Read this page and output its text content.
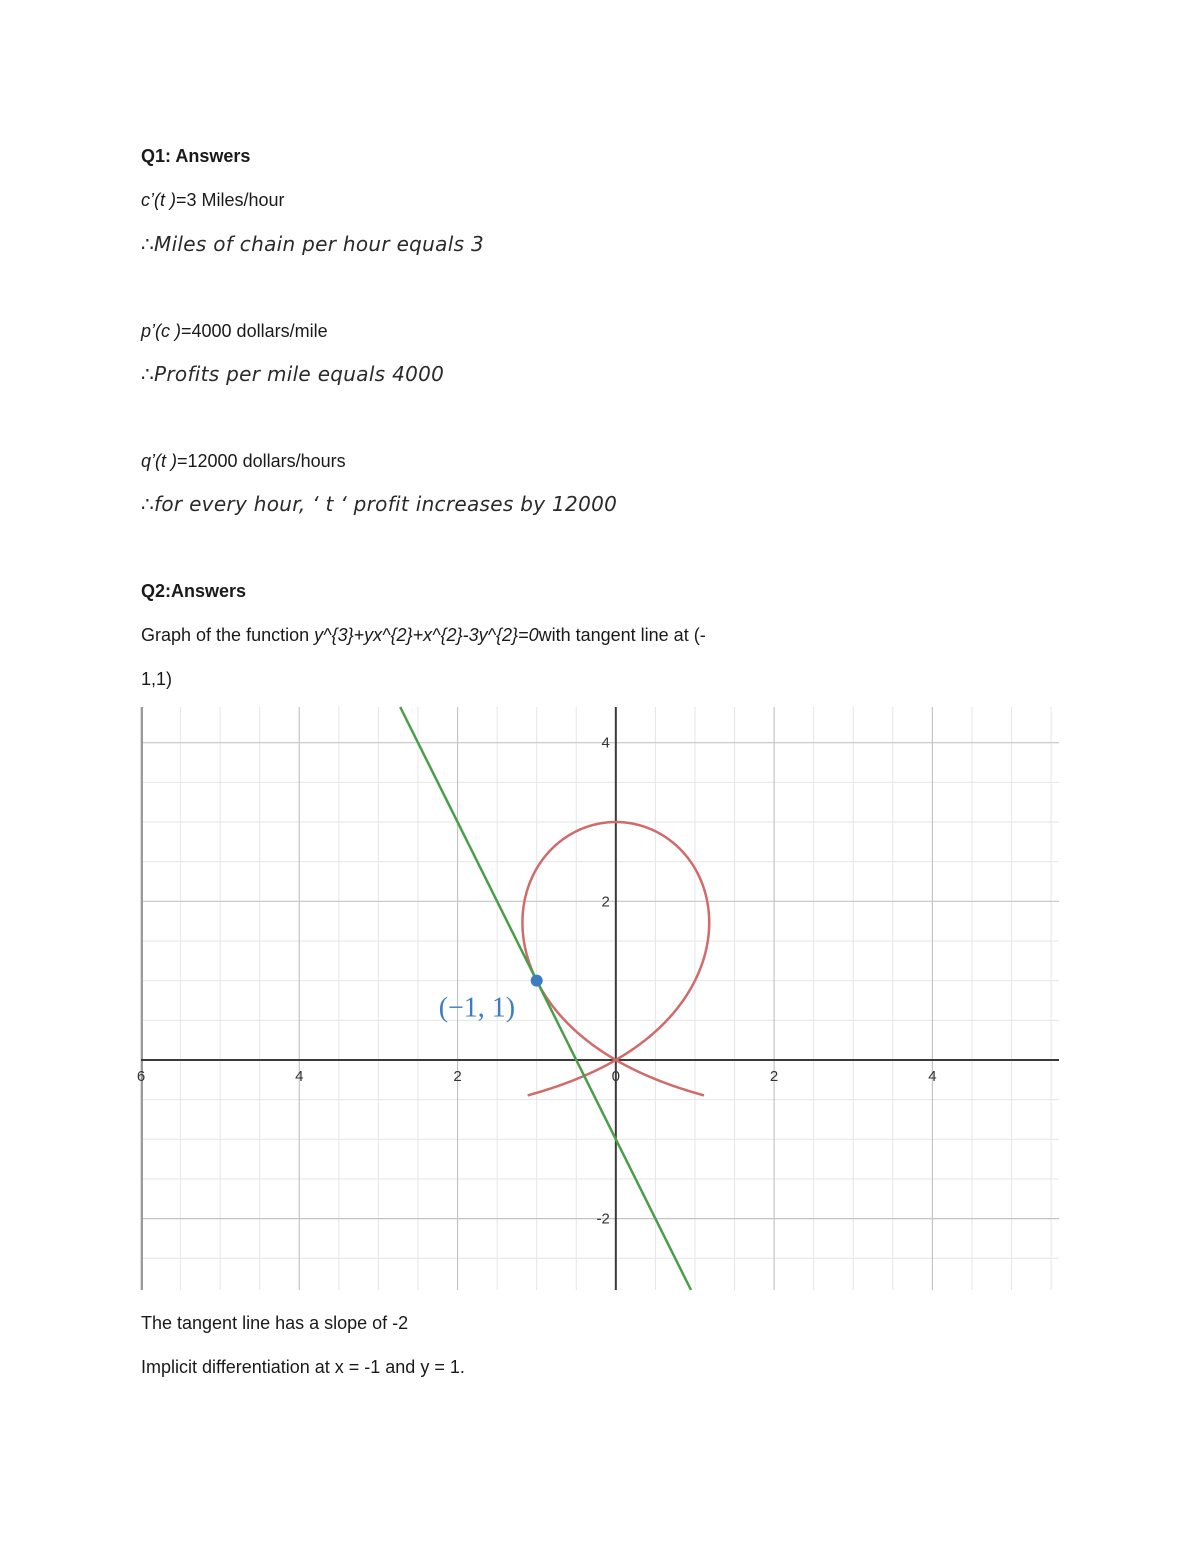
Q1: Answers
c’(t )=3 Miles/hour
∴Miles of chain per hour equals 3
p’(c )=4000 dollars/mile
∴Profits per mile equals 4000
q’(t )=12000 dollars/hours
∴for every hour, ‘ t ‘ profit increases by 12000
Q2:Answers
Graph of the function y^{3}+yx^{2}+x^{2}-3y^{2}=0with tangent line at (-
1,1)
6	4	2	0	2	4
4
2
-2
(−1, 1)
The tangent line has a slope of -2
Implicit differentiation at x = -1 and y = 1.
